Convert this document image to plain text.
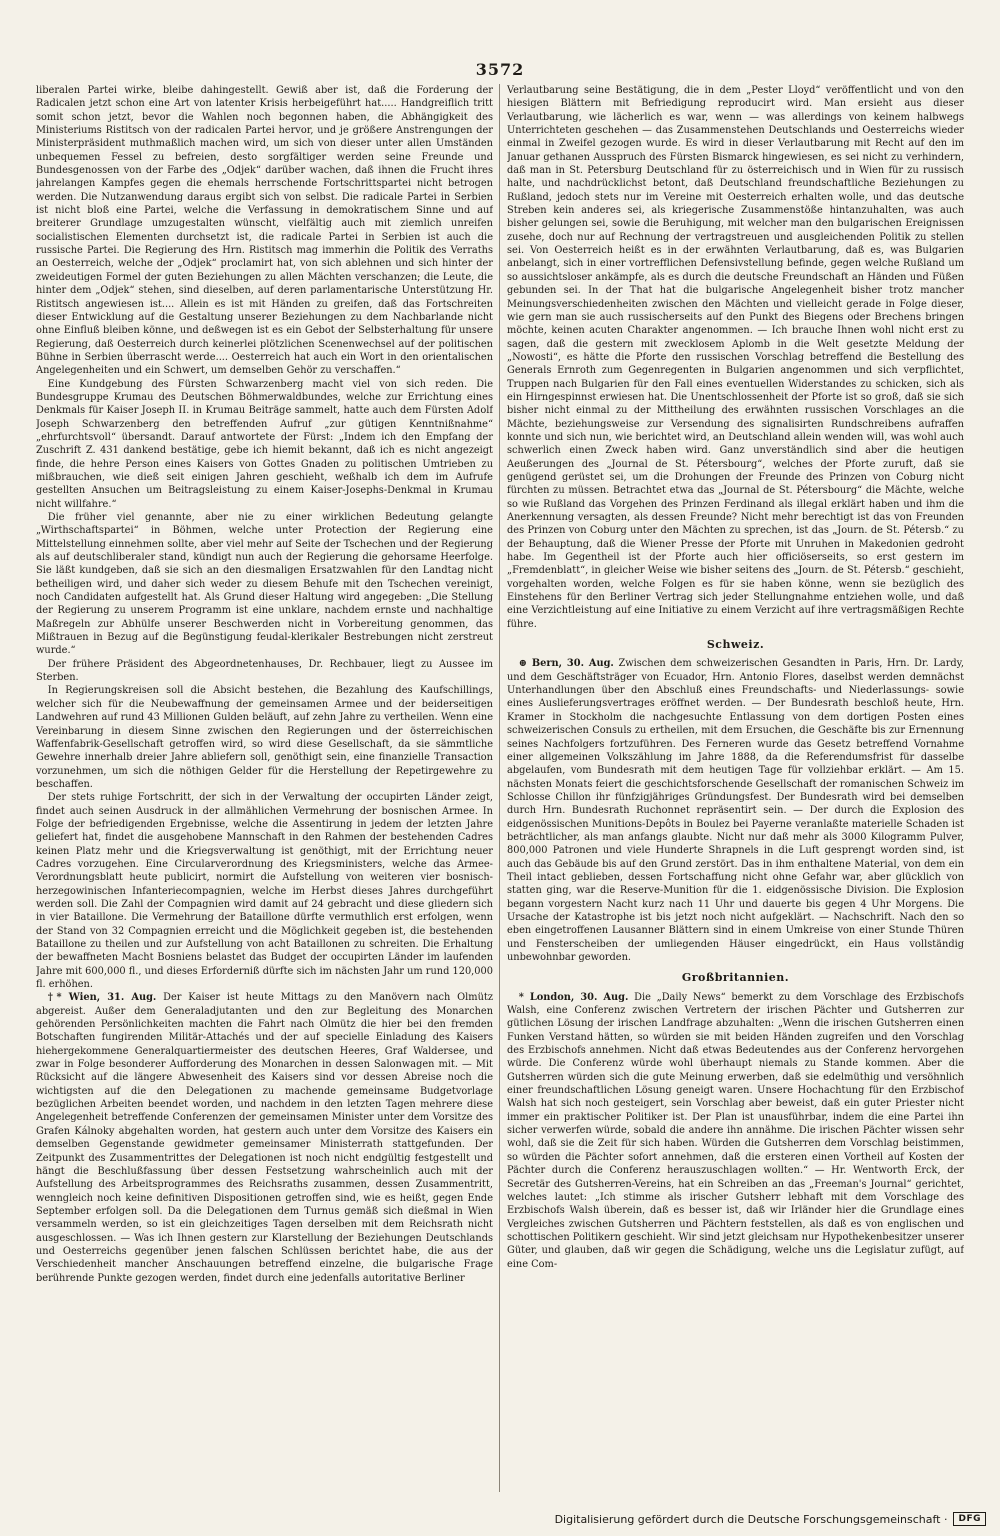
3572

liberalen Partei wirke, bleibe dahingestellt. Gewiß aber ist, daß die Forderung der Radicalen jetzt schon eine Art von latenter Krisis herbeigeführt hat..... Handgreiflich tritt somit schon jetzt, bevor die Wahlen noch begonnen haben, die Abhängigkeit des Ministeriums Ristitsch von der radicalen Partei hervor, und je größere Anstrengungen der Ministerpräsident muthmaßlich machen wird, um sich von dieser unter allen Umständen unbequemen Fessel zu befreien, desto sorgfältiger werden seine Freunde und Bundesgenossen von der Farbe des „Odjek“ darüber wachen, daß ihnen die Frucht ihres jahrelangen Kampfes gegen die ehemals herrschende Fortschrittspartei nicht betrogen werden. Die Nutzanwendung daraus ergibt sich von selbst. Die radicale Partei in Serbien ist nicht bloß eine Partei, welche die Verfassung in demokratischem Sinne und auf breiterer Grundlage umzugestalten wünscht, vielfältig auch mit ziemlich unreifen socialistischen Elementen durchsetzt ist, die radicale Partei in Serbien ist auch die russische Partei. Die Regierung des Hrn. Ristitsch mag immerhin die Politik des Verraths an Oesterreich, welche der „Odjek“ proclamirt hat, von sich ablehnen und sich hinter der zweideutigen Formel der guten Beziehungen zu allen Mächten verschanzen; die Leute, die hinter dem „Odjek“ stehen, sind dieselben, auf deren parlamentarische Unterstützung Hr. Ristitsch angewiesen ist.... Allein es ist mit Händen zu greifen, daß das Fortschreiten dieser Entwicklung auf die Gestaltung unserer Beziehungen zu dem Nachbarlande nicht ohne Einfluß bleiben könne, und deßwegen ist es ein Gebot der Selbsterhaltung für unsere Regierung, daß Oesterreich durch keinerlei plötzlichen Scenenwechsel auf der politischen Bühne in Serbien überrascht werde.... Oesterreich hat auch ein Wort in den orientalischen Angelegenheiten und ein Schwert, um demselben Gehör zu verschaffen.“

Eine Kundgebung des Fürsten Schwarzenberg macht viel von sich reden. Die Bundesgruppe Krumau des Deutschen Böhmerwaldbundes, welche zur Errichtung eines Denkmals für Kaiser Joseph II. in Krumau Beiträge sammelt, hatte auch dem Fürsten Adolf Joseph Schwarzenberg den betreffenden Aufruf „zur gütigen Kenntnißnahme“ „ehrfurchtsvoll“ übersandt. Darauf antwortete der Fürst: „Indem ich den Empfang der Zuschrift Z. 431 dankend bestätige, gebe ich hiemit bekannt, daß ich es nicht angezeigt finde, die hehre Person eines Kaisers von Gottes Gnaden zu politischen Umtrieben zu mißbrauchen, wie dieß seit einigen Jahren geschieht, weßhalb ich dem im Aufrufe gestellten Ansuchen um Beitragsleistung zu einem Kaiser-Josephs-Denkmal in Krumau nicht willfahre.“

Die früher viel genannte, aber nie zu einer wirklichen Bedeutung gelangte „Wirthschaftspartei“ in Böhmen, welche unter Protection der Regierung eine Mittelstellung einnehmen sollte, aber viel mehr auf Seite der Tschechen und der Regierung als auf deutschliberaler stand, kündigt nun auch der Regierung die gehorsame Heerfolge. Sie läßt kundgeben, daß sie sich an den diesmaligen Ersatzwahlen für den Landtag nicht betheiligen wird, und daher sich weder zu diesem Behufe mit den Tschechen vereinigt, noch Candidaten aufgestellt hat. Als Grund dieser Haltung wird angegeben: „Die Stellung der Regierung zu unserem Programm ist eine unklare, nachdem ernste und nachhaltige Maßregeln zur Abhülfe unserer Beschwerden nicht in Vorbereitung genommen, das Mißtrauen in Bezug auf die Begünstigung feudal-klerikaler Bestrebungen nicht zerstreut wurde.“

Der frühere Präsident des Abgeordnetenhauses, Dr. Rechbauer, liegt zu Aussee im Sterben.

In Regierungskreisen soll die Absicht bestehen, die Bezahlung des Kaufschillings, welcher sich für die Neubewaffnung der gemeinsamen Armee und der beiderseitigen Landwehren auf rund 43 Millionen Gulden beläuft, auf zehn Jahre zu vertheilen. Wenn eine Vereinbarung in diesem Sinne zwischen den Regierungen und der österreichischen Waffenfabrik-Gesellschaft getroffen wird, so wird diese Gesellschaft, da sie sämmtliche Gewehre innerhalb dreier Jahre abliefern soll, genöthigt sein, eine finanzielle Transaction vorzunehmen, um sich die nöthigen Gelder für die Herstellung der Repetirgewehre zu beschaffen.

Der stets ruhige Fortschritt, der sich in der Verwaltung der occupirten Länder zeigt, findet auch seinen Ausdruck in der allmählichen Vermehrung der bosnischen Armee. In Folge der befriedigenden Ergebnisse, welche die Assentirung in jedem der letzten Jahre geliefert hat, findet die ausgehobene Mannschaft in den Rahmen der bestehenden Cadres keinen Platz mehr und die Kriegsverwaltung ist genöthigt, mit der Errichtung neuer Cadres vorzugehen. Eine Circularverordnung des Kriegsministers, welche das Armee-Verordnungsblatt heute publicirt, normirt die Aufstellung von weiteren vier bosnisch-herzegowinischen Infanteriecompagnien, welche im Herbst dieses Jahres durchgeführt werden soll. Die Zahl der Compagnien wird damit auf 24 gebracht und diese gliedern sich in vier Bataillone. Die Vermehrung der Bataillone dürfte vermuthlich erst erfolgen, wenn der Stand von 32 Compagnien erreicht und die Möglichkeit gegeben ist, die bestehenden Bataillone zu theilen und zur Aufstellung von acht Bataillonen zu schreiten. Die Erhaltung der bewaffneten Macht Bosniens belastet das Budget der occupirten Länder im laufenden Jahre mit 600,000 fl., und dieses Erforderniß dürfte sich im nächsten Jahr um rund 120,000 fl. erhöhen.

†* Wien, 31. Aug. Der Kaiser ist heute Mittags zu den Manövern nach Olmütz abgereist. Außer dem Generaladjutanten und den zur Begleitung des Monarchen gehörenden Persönlichkeiten machten die Fahrt nach Olmütz die hier bei den fremden Botschaften fungirenden Militär-Attachés und der auf specielle Einladung des Kaisers hiehergekommene Generalquartiermeister des deutschen Heeres, Graf Waldersee, und zwar in Folge besonderer Aufforderung des Monarchen in dessen Salonwagen mit. — Mit Rücksicht auf die längere Abwesenheit des Kaisers sind vor dessen Abreise noch die wichtigsten auf die den Delegationen zu machende gemeinsame Budgetvorlage bezüglichen Arbeiten beendet worden, und nachdem in den letzten Tagen mehrere diese Angelegenheit betreffende Conferenzen der gemeinsamen Minister unter dem Vorsitze des Grafen Kálnoky abgehalten worden, hat gestern auch unter dem Vorsitze des Kaisers ein demselben Gegenstande gewidmeter gemeinsamer Ministerrath stattgefunden. Der Zeitpunkt des Zusammentrittes der Delegationen ist noch nicht endgültig festgestellt und hängt die Beschlußfassung über dessen Festsetzung wahrscheinlich auch mit der Aufstellung des Arbeitsprogrammes des Reichsraths zusammen, dessen Zusammentritt, wenngleich noch keine definitiven Dispositionen getroffen sind, wie es heißt, gegen Ende September erfolgen soll. Da die Delegationen dem Turnus gemäß sich dießmal in Wien versammeln werden, so ist ein gleichzeitiges Tagen derselben mit dem Reichsrath nicht ausgeschlossen. — Was ich Ihnen gestern zur Klarstellung der Beziehungen Deutschlands und Oesterreichs gegenüber jenen falschen Schlüssen berichtet habe, die aus der Verschiedenheit mancher Anschauungen betreffend einzelne, die bulgarische Frage berührende Punkte gezogen werden, findet durch eine jedenfalls autoritative Berliner

Verlautbarung seine Bestätigung, die in dem „Pester Lloyd“ veröffentlicht und von den hiesigen Blättern mit Befriedigung reproducirt wird. Man ersieht aus dieser Verlautbarung, wie lächerlich es war, wenn — was allerdings von keinem halbwegs Unterrichteten geschehen — das Zusammenstehen Deutschlands und Oesterreichs wieder einmal in Zweifel gezogen wurde. Es wird in dieser Verlautbarung mit Recht auf den im Januar gethanen Ausspruch des Fürsten Bismarck hingewiesen, es sei nicht zu verhindern, daß man in St. Petersburg Deutschland für zu österreichisch und in Wien für zu russisch halte, und nachdrücklichst betont, daß Deutschland freundschaftliche Beziehungen zu Rußland, jedoch stets nur im Vereine mit Oesterreich erhalten wolle, und das deutsche Streben kein anderes sei, als kriegerische Zusammenstöße hintanzuhalten, was auch bisher gelungen sei, sowie die Beruhigung, mit welcher man den bulgarischen Ereignissen zusehe, doch nur auf Rechnung der vertragstreuen und ausgleichenden Politik zu stellen sei. Von Oesterreich heißt es in der erwähnten Verlautbarung, daß es, was Bulgarien anbelangt, sich in einer vortrefflichen Defensivstellung befinde, gegen welche Rußland um so aussichtsloser ankämpfe, als es durch die deutsche Freundschaft an Händen und Füßen gebunden sei. In der That hat die bulgarische Angelegenheit bisher trotz mancher Meinungsverschiedenheiten zwischen den Mächten und vielleicht gerade in Folge dieser, wie gern man sie auch russischerseits auf den Punkt des Biegens oder Brechens bringen möchte, keinen acuten Charakter angenommen. — Ich brauche Ihnen wohl nicht erst zu sagen, daß die gestern mit zwecklosem Aplomb in die Welt gesetzte Meldung der „Nowosti“, es hätte die Pforte den russischen Vorschlag betreffend die Bestellung des Generals Ernroth zum Gegenregenten in Bulgarien angenommen und sich verpflichtet, Truppen nach Bulgarien für den Fall eines eventuellen Widerstandes zu schicken, sich als ein Hirngespinnst erwiesen hat. Die Unentschlossenheit der Pforte ist so groß, daß sie sich bisher nicht einmal zu der Mittheilung des erwähnten russischen Vorschlages an die Mächte, beziehungsweise zur Versendung des signalisirten Rundschreibens aufraffen konnte und sich nun, wie berichtet wird, an Deutschland allein wenden will, was wohl auch schwerlich einen Zweck haben wird. Ganz unverständlich sind aber die heutigen Aeußerungen des „Journal de St. Pétersbourg“, welches der Pforte zuruft, daß sie genügend gerüstet sei, um die Drohungen der Freunde des Prinzen von Coburg nicht fürchten zu müssen. Betrachtet etwa das „Journal de St. Pétersbourg“ die Mächte, welche so wie Rußland das Vorgehen des Prinzen Ferdinand als illegal erklärt haben und ihm die Anerkennung versagten, als dessen Freunde? Nicht mehr berechtigt ist das von Freunden des Prinzen von Coburg unter den Mächten zu sprechen, ist das „Journ. de St. Pétersb.“ zu der Behauptung, daß die Wiener Presse der Pforte mit Unruhen in Makedonien gedroht habe. Im Gegentheil ist der Pforte auch hier officiöserseits, so erst gestern im „Fremdenblatt“, in gleicher Weise wie bisher seitens des „Journ. de St. Pétersb.“ geschieht, vorgehalten worden, welche Folgen es für sie haben könne, wenn sie bezüglich des Einstehens für den Berliner Vertrag sich jeder Stellungnahme entziehen wolle, und daß eine Verzichtleistung auf eine Initiative zu einem Verzicht auf ihre vertragsmäßigen Rechte führe.

Schweiz.

⊕ Bern, 30. Aug. Zwischen dem schweizerischen Gesandten in Paris, Hrn. Dr. Lardy, und dem Geschäftsträger von Ecuador, Hrn. Antonio Flores, daselbst werden demnächst Unterhandlungen über den Abschluß eines Freundschafts- und Niederlassungs- sowie eines Auslieferungsvertrages eröffnet werden. — Der Bundesrath beschloß heute, Hrn. Kramer in Stockholm die nachgesuchte Entlassung von dem dortigen Posten eines schweizerischen Consuls zu ertheilen, mit dem Ersuchen, die Geschäfte bis zur Ernennung seines Nachfolgers fortzuführen. Des Ferneren wurde das Gesetz betreffend Vornahme einer allgemeinen Volkszählung im Jahre 1888, da die Referendumsfrist für dasselbe abgelaufen, vom Bundesrath mit dem heutigen Tage für vollziehbar erklärt. — Am 15. nächsten Monats feiert die geschichtsforschende Gesellschaft der romanischen Schweiz im Schlosse Chillon ihr fünfzigjähriges Gründungsfest. Der Bundesrath wird bei demselben durch Hrn. Bundesrath Ruchonnet repräsentirt sein. — Der durch die Explosion des eidgenössischen Munitions-Depôts in Boulez bei Payerne veranlaßte materielle Schaden ist beträchtlicher, als man anfangs glaubte. Nicht nur daß mehr als 3000 Kilogramm Pulver, 800,000 Patronen und viele Hunderte Shrapnels in die Luft gesprengt worden sind, ist auch das Gebäude bis auf den Grund zerstört. Das in ihm enthaltene Material, von dem ein Theil intact geblieben, dessen Fortschaffung nicht ohne Gefahr war, aber glücklich von statten ging, war die Reserve-Munition für die 1. eidgenössische Division. Die Explosion begann vorgestern Nacht kurz nach 11 Uhr und dauerte bis gegen 4 Uhr Morgens. Die Ursache der Katastrophe ist bis jetzt noch nicht aufgeklärt. — Nachschrift. Nach den so eben eingetroffenen Lausanner Blättern sind in einem Umkreise von einer Stunde Thüren und Fensterscheiben der umliegenden Häuser eingedrückt, ein Haus vollständig unbewohnbar geworden.

Großbritannien.

* London, 30. Aug. Die „Daily News“ bemerkt zu dem Vorschlage des Erzbischofs Walsh, eine Conferenz zwischen Vertretern der irischen Pächter und Gutsherren zur gütlichen Lösung der irischen Landfrage abzuhalten: „Wenn die irischen Gutsherren einen Funken Verstand hätten, so würden sie mit beiden Händen zugreifen und den Vorschlag des Erzbischofs annehmen. Nicht daß etwas Bedeutendes aus der Conferenz hervorgehen würde. Die Conferenz würde wohl überhaupt niemals zu Stande kommen. Aber die Gutsherren würden sich die gute Meinung erwerben, daß sie edelmüthig und versöhnlich einer freundschaftlichen Lösung geneigt waren. Unsere Hochachtung für den Erzbischof Walsh hat sich noch gesteigert, sein Vorschlag aber beweist, daß ein guter Priester nicht immer ein praktischer Politiker ist. Der Plan ist unausführbar, indem die eine Partei ihn sicher verwerfen würde, sobald die andere ihn annähme. Die irischen Pächter wissen sehr wohl, daß sie die Zeit für sich haben. Würden die Gutsherren dem Vorschlag beistimmen, so würden die Pächter sofort annehmen, daß die ersteren einen Vortheil auf Kosten der Pächter durch die Conferenz herauszuschlagen wollten.“ — Hr. Wentworth Erck, der Secretär des Gutsherren-Vereins, hat ein Schreiben an das „Freeman's Journal“ gerichtet, welches lautet: „Ich stimme als irischer Gutsherr lebhaft mit dem Vorschlage des Erzbischofs Walsh überein, daß es besser ist, daß wir Irländer hier die Grundlage eines Vergleiches zwischen Gutsherren und Pächtern feststellen, als daß es von englischen und schottischen Politikern geschieht. Wir sind jetzt gleichsam nur Hypothekenbesitzer unserer Güter, und glauben, daß wir gegen die Schädigung, welche uns die Legislatur zufügt, auf eine Com-

Digitalisierung gefördert durch die Deutsche Forschungsgemeinschaft ·	DFG
